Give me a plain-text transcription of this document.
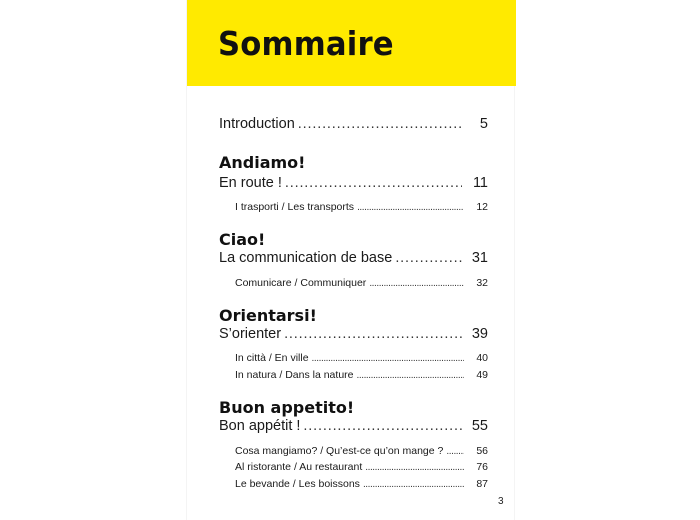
Sommaire
Introduction . . .	5
Andiamo!
En route ! . . .	11
I trasporti / Les transports . . .	12
Ciao!
La communication de base . . .	31
Comunicare / Communiquer . . .	32
Orientarsi!
S’orienter . . .	39
In città / En ville . . .	40
In natura / Dans la nature . . .	49
Buon appetito!
Bon appétit ! . . .	55
Cosa mangiamo? / Qu’est-ce qu’on mange ? . . .	56
Al ristorante / Au restaurant . . .	76
Le bevande / Les boissons . . .	87
3
